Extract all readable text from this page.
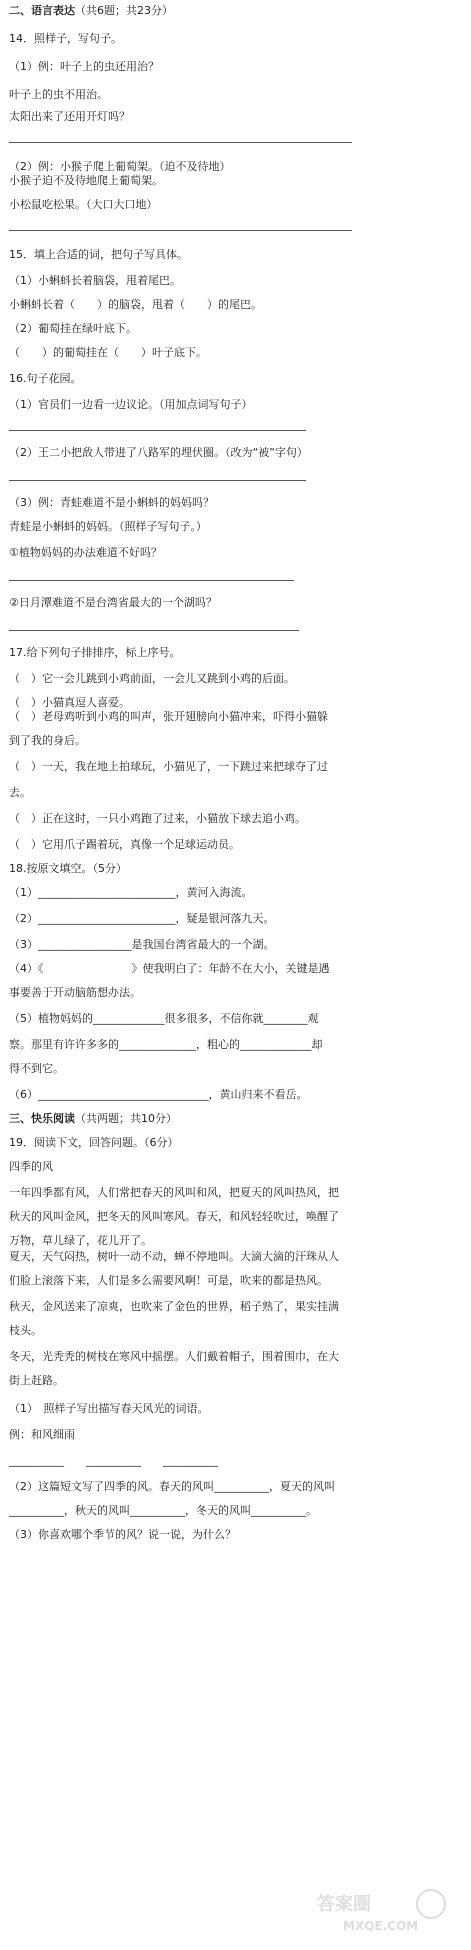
二、语言表达（共6题；共23分）
14．照样子，写句子。
（1）例：叶子上的虫还用治？
叶子上的虫不用治。
太阳出来了还用开灯吗？
（2）例：小猴子爬上葡萄架。（迫不及待地）
小猴子迫不及待地爬上葡萄架。
小松鼠吃松果。（大口大口地）
15．填上合适的词，把句子写具体。
（1）小蝌蚪长着脑袋，甩着尾巴。
小蝌蚪长着（　　）的脑袋，甩着（　　）的尾巴。
（2）葡萄挂在绿叶底下。
（　　）的葡萄挂在（　　）叶子底下。
16.句子花园。
（1）官员们一边看一边议论。（用加点词写句子）
（2）王二小把敌人带进了八路军的埋伏圈。（改为“被”字句）
（3）例：青蛙难道不是小蝌蚪的妈妈吗？
青蛙是小蝌蚪的妈妈。（照样子写句子。）
①植物妈妈的办法难道不好吗？
②日月潭难道不是台湾省最大的一个湖吗？
17.给下列句子排排序，标上序号。
（　）它一会儿跳到小鸡前面，一会儿又跳到小鸡的后面。
（　）小猫真逗人喜爱。
（　）老母鸡听到小鸡的叫声，张开翅膀向小猫冲来，吓得小猫躲
到了我的身后。
（　）一天，我在地上拍球玩，小猫见了，一下跳过来把球夺了过
去。
（　）正在这时，一只小鸡跑了过来，小猫放下球去追小鸡。
（　）它用爪子踢着玩，真像一个足球运动员。
18.按原文填空。（5分）
（1）_________________________，黄河入海流。
（2）_________________________，疑是银河落九天。
（3）_________________是我国台湾省最大的一个湖。
（4）《　　　　　　　　》使我明白了：年龄不在大小，关键是遇
事要善于开动脑筋想办法。
（5）植物妈妈的_____________很多很多，不信你就________观
察。那里有许许多多的______________，粗心的_____________却
得不到它。
（6）_______________________________，黄山归来不看岳。
三、快乐阅读（共两题；共10分）
19．阅读下文，回答问题。（6分）
四季的风
一年四季都有风，人们常把春天的风叫和风，把夏天的风叫热风，把
秋天的风叫金风，把冬天的风叫寒风。春天，和风轻轻吹过，唤醒了
万物，草儿绿了，花儿开了。
夏天，天气闷热，树叶一动不动，蝉不停地叫。大滴大滴的汗珠从人
们脸上滚落下来，人们是多么需要风啊！可是，吹来的都是热风。
秋天，金风送来了凉爽，也吹来了金色的世界，稻子熟了，果实挂满
枝头。
冬天，光秃秃的树枝在寒风中摇摆。人们戴着帽子，围着围巾，在大
街上赶路。
（1）　照样子写出描写春天风光的词语。
例：和风细雨
__________　　__________　　__________
（2）这篇短文写了四季的风。春天的风叫__________，夏天的风叫
__________，秋天的风叫__________，冬天的风叫__________。
（3）你喜欢哪个季节的风？说一说，为什么？
答案圈
MXQE.COM
